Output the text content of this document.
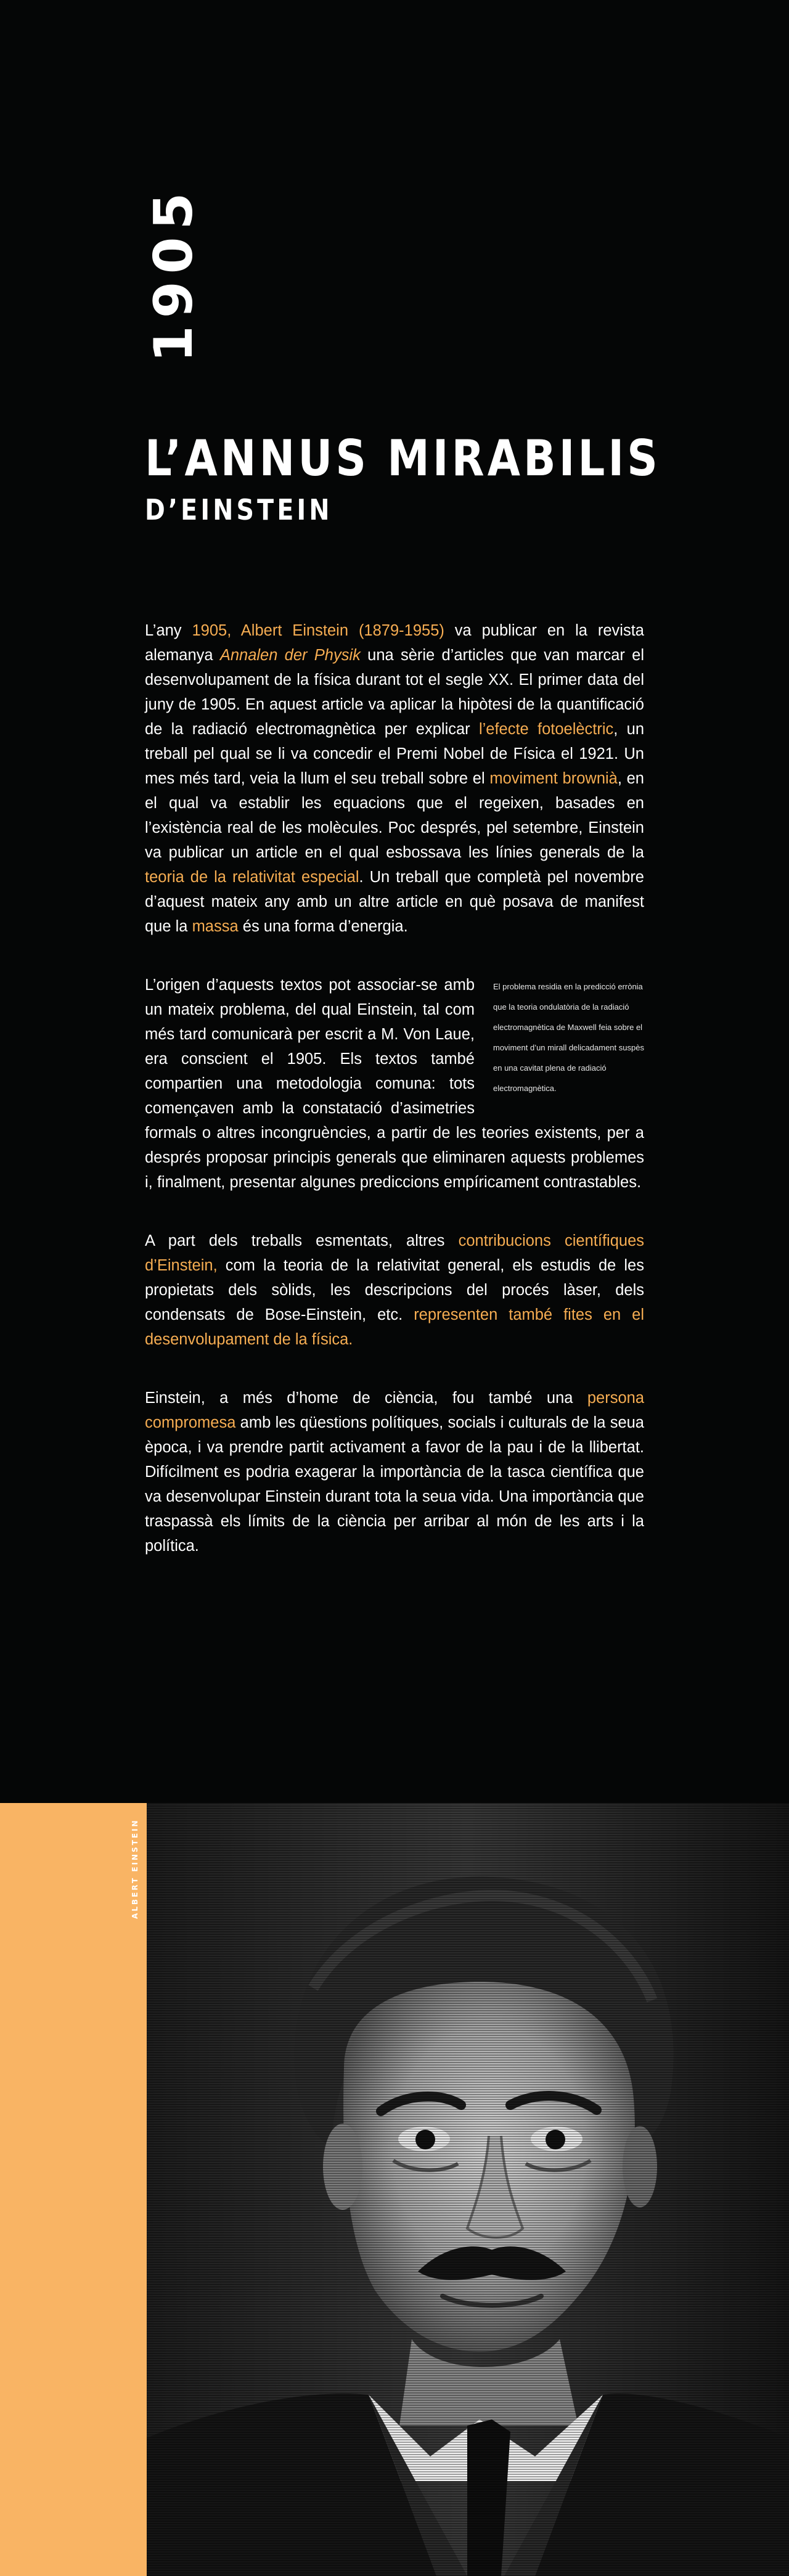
1905
L’ANNUS MIRABILIS
D’EINSTEIN

L’any 1905, Albert Einstein (1879-1955) va publicar en la revista alemanya Annalen der Physik una sèrie d’articles que van marcar el desenvolupament de la física durant tot el segle XX. El primer data del juny de 1905. En aquest article va aplicar la hipòtesi de la quantificació de la radiació electromagnètica per explicar l’efecte fotoelèctric, un treball pel qual se li va concedir el Premi Nobel de Física el 1921. Un mes més tard, veia la llum el seu treball sobre el moviment brownià, en el qual va establir les equacions que el regeixen, basades en l’existència real de les molècules. Poc després, pel setembre, Einstein va publicar un article en el qual esbossava les línies generals de la teoria de la relativitat especial. Un treball que completà pel novembre d’aquest mateix any amb un altre article en què posava de manifest que la massa és una forma d’energia.

El problema residia en la predicció errònia que la teoria ondulatòria de la radiació electromagnètica de Maxwell feia sobre el moviment d’un mirall delicadament suspès en una cavitat plena de radiació electromagnètica.
L’origen d’aquests textos pot associar-se amb un mateix problema, del qual Einstein, tal com més tard comunicarà per escrit a M. Von Laue, era conscient el 1905. Els textos també compartien una metodologia comuna: tots començaven amb la constatació d’asimetries formals o altres incongruències, a partir de les teories existents, per a després proposar principis generals que eliminaren aquests problemes i, finalment, presentar algunes prediccions empíricament contrastables.

A part dels treballs esmentats, altres contribucions científiques d’Einstein, com la teoria de la relativitat general, els estudis de les propietats dels sòlids, les descripcions del procés làser, dels condensats de Bose-Einstein, etc. representen també fites en el desenvolupament de la física.

Einstein, a més d’home de ciència, fou també una persona compromesa amb les qüestions polítiques, socials i culturals de la seua època, i va prendre partit activament a favor de la pau i de la llibertat. Difícilment es podria exagerar la importància de la tasca científica que va desenvolupar Einstein durant tota la seua vida. Una importància que traspassà els límits de la ciència per arribar al món de les arts i la política.

ALBERT EINSTEIN
